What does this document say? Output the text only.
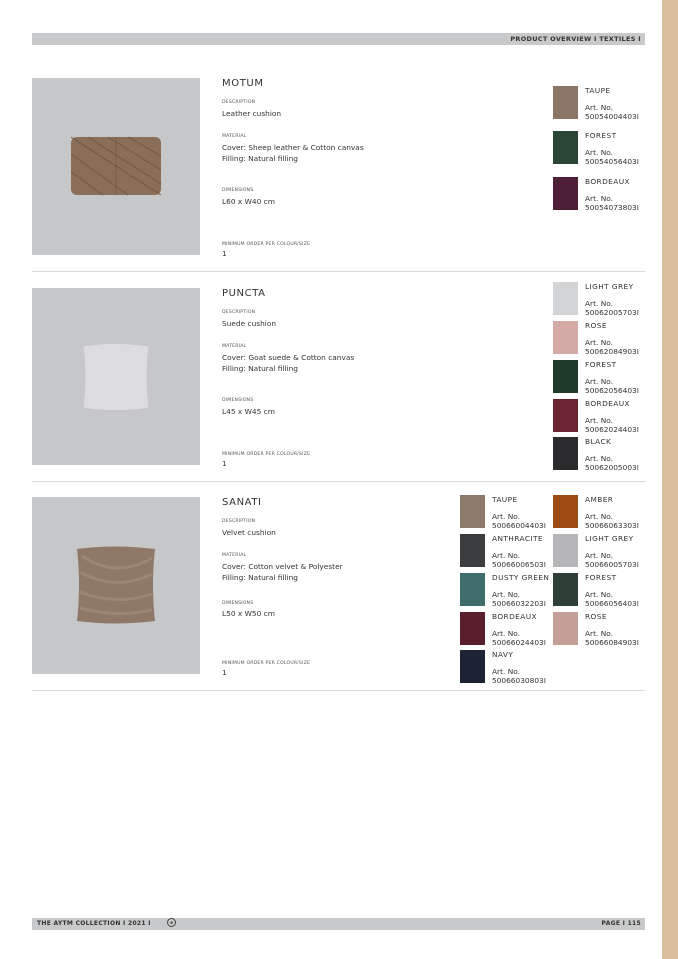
PRODUCT OVERVIEW I TEXTILES I
MOTUM
DESCRIPTION
Leather cushion
MATERIAL
Cover: Sheep leather & Cotton canvas
Filling: Natural filling
DIMENSIONS
L60 x W40 cm
MINIMUM ORDER PER COLOUR/SIZE
1
TAUPE
Art. No.
50054004403I
FOREST
Art. No.
50054056403I
BORDEAUX
Art. No.
50054073803I
PUNCTA
DESCRIPTION
Suede cushion
MATERIAL
Cover: Goat suede & Cotton canvas
Filling: Natural filling
DIMENSIONS
L45 x W45 cm
MINIMUM ORDER PER COLOUR/SIZE
1
LIGHT GREY
Art. No.
50062005703I
ROSE
Art. No.
50062084903I
FOREST
Art. No.
50062056403I
BORDEAUX
Art. No.
50062024403I
BLACK
Art. No.
50062005003I
SANATI
DESCRIPTION
Velvet cushion
MATERIAL
Cover: Cotton velvet & Polyester
Filling: Natural filling
DIMENSIONS
L50 x W50 cm
MINIMUM ORDER PER COLOUR/SIZE
1
TAUPE
Art. No.
50066004403I
AMBER
Art. No.
50066063303I
ANTHRACITE
Art. No.
50066006503I
LIGHT GREY
Art. No.
50066005703I
DUSTY GREEN
Art. No.
50066032203I
FOREST
Art. No.
50066056403I
BORDEAUX
Art. No.
50066024403I
ROSE
Art. No.
50066084903I
NAVY
Art. No.
50066030803I
THE AYTM COLLECTION I 2021 I	⊕	PAGE I 115
